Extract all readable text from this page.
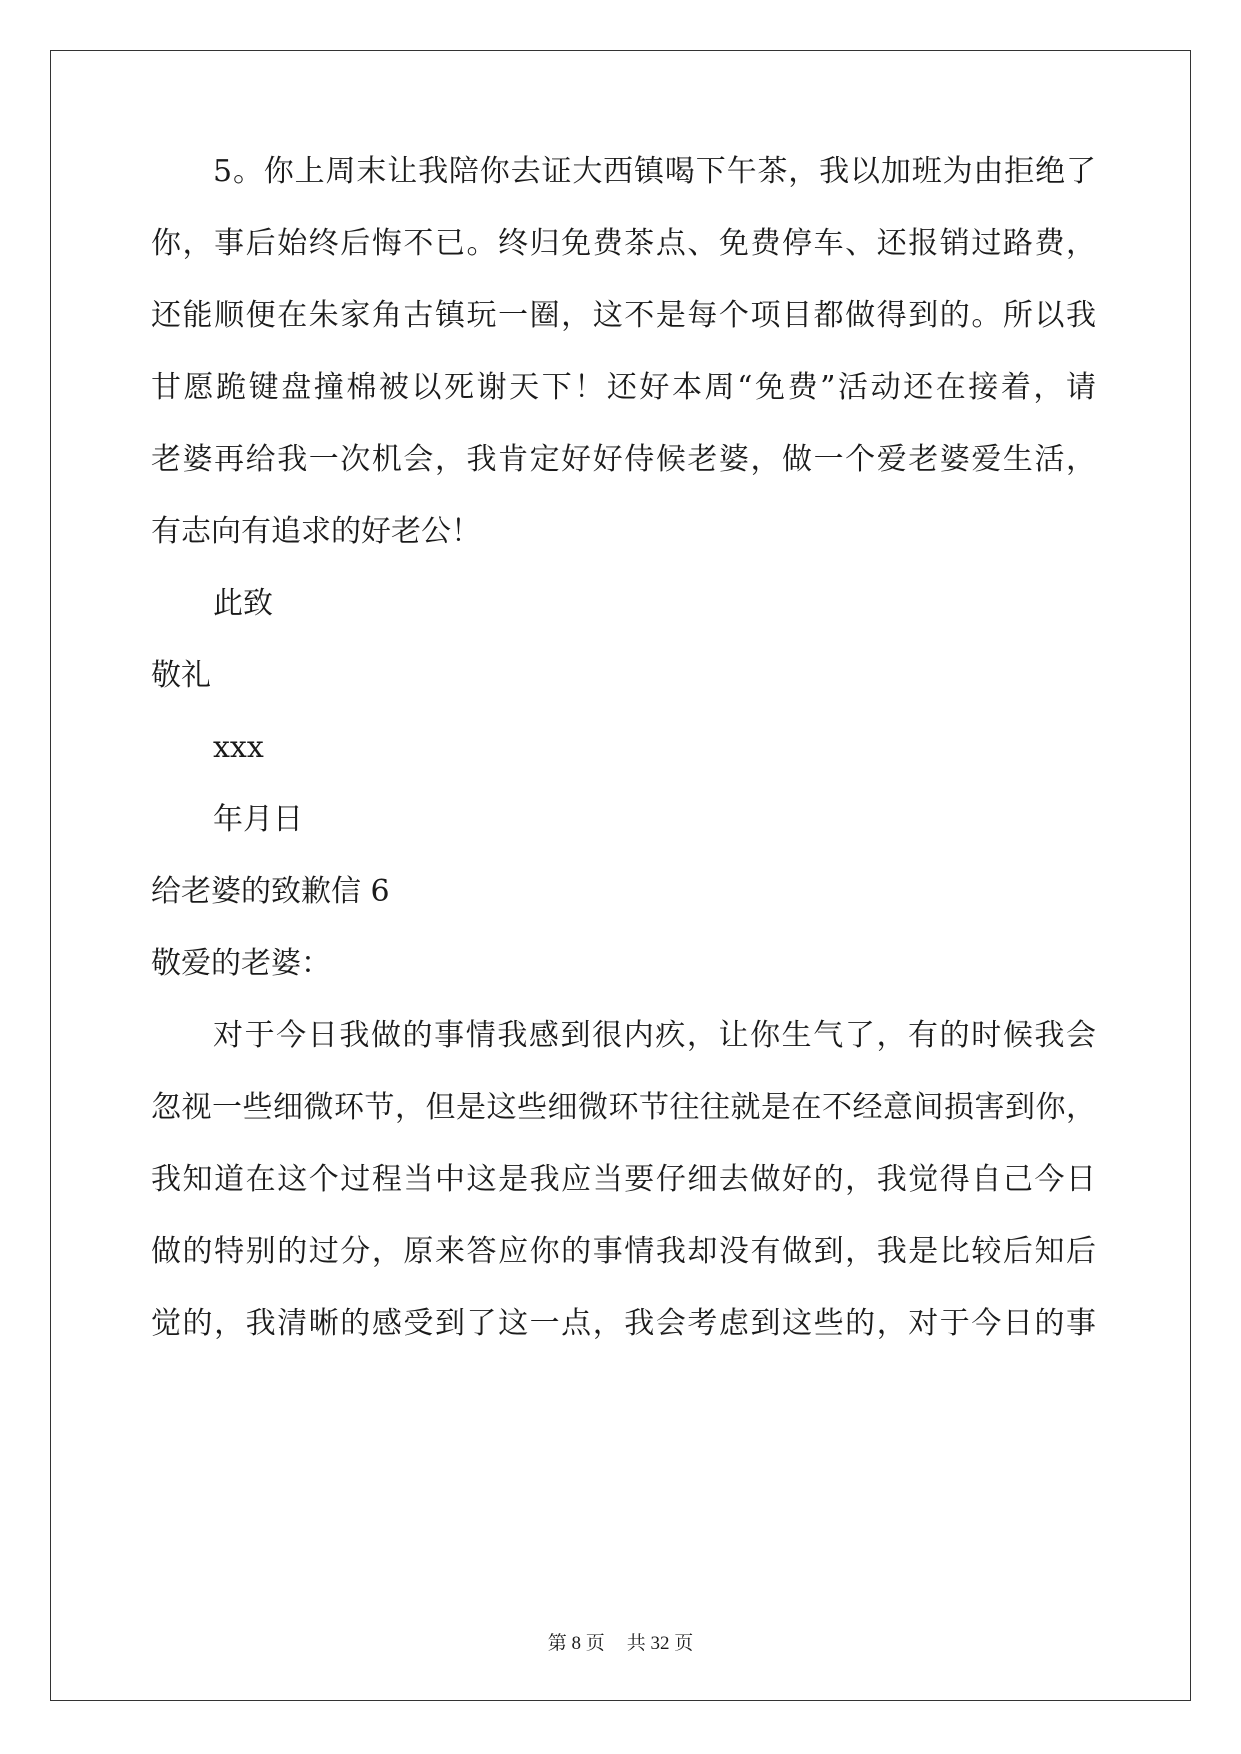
5。你上周末让我陪你去证大西镇喝下午茶，我以加班为由拒绝了
你，事后始终后悔不已。终归免费茶点、免费停车、还报销过路费，
还能顺便在朱家角古镇玩一圈，这不是每个项目都做得到的。所以我
甘愿跪键盘撞棉被以死谢天下！还好本周“免费”活动还在接着，请
老婆再给我一次机会，我肯定好好侍候老婆，做一个爱老婆爱生活，
有志向有追求的好老公！
此致
敬礼
xxx
年月日
给老婆的致歉信 6
敬爱的老婆：
对于今日我做的事情我感到很内疚，让你生气了，有的时候我会
忽视一些细微环节，但是这些细微环节往往就是在不经意间损害到你，
我知道在这个过程当中这是我应当要仔细去做好的，我觉得自己今日
做的特别的过分，原来答应你的事情我却没有做到，我是比较后知后
觉的，我清晰的感受到了这一点，我会考虑到这些的，对于今日的事
第 8 页 共 32 页
